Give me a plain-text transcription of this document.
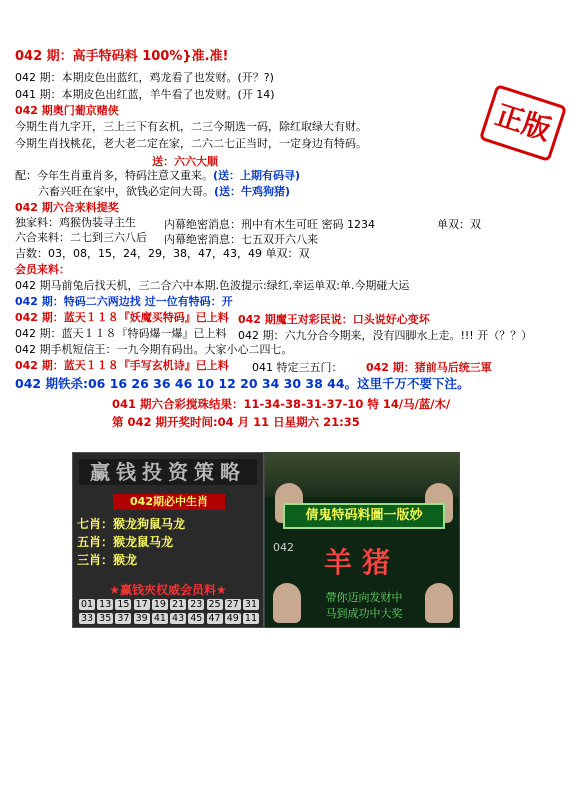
正版
042 期：高手特码料 100%}准.准!
042 期：本期皮色出蓝红，鸡龙看了也发财。(开？?)
041 期：本期皮色出红蓝，羊牛看了也发财。(开 14)
042 期奥门葡京赌侠
今期生肖九字开，三上三下有玄机，二三今期选一码，除红取绿大有财。
今期生肖找桃花，老大老二定在家，二六二七正当时，一定身边有特码。
送：六六大顺
配：今年生肖重肖多，特码注意又重来。(送：上期有码寻)
六畜兴旺在家中，欲钱必定问大哥。(送：牛鸡狗猪)
042 期六合来料提奖
独家料：鸡猴伪装寻主生	内幕绝密消息：刑中有木生可旺 密码 1234	单双：双
六合来料：二七到三六八后 内幕绝密消息：七五双开六八来
吉数：03，08，15，24，29，38，47，43，49 单双：双
会员来料：
042 期马前兔后找天机，三二合六中本期.色波提示:绿红,幸运单双:单.今期碰大运
042 期：特码二六两边找 过一位有特码：开
042 期：蓝天１１８『妖魔买特码』已上料 042 期魔王对彩民说：口头说好心变坏
042 期：蓝天１１８『特码爆一爆』已上料 042 期：六九分合今期来，没有四脚水上走。!!! 开（？？）
042 期手机短信王：一九今期有码出。大家小心二四七。
042 期：蓝天１１８『手写玄机诗』已上料 041 特定三五门： 042 期：猪前马后统三軍
042 期铁杀:06 16 26 36 46 10 12 20 34 30 38 44。这里千万不要下注。
041 期六合彩搅珠结果：11-34-38-31-37-10 特 14/马/蓝/木/
第 042 期开奖时间:04 月 11 日星期六 21:35
赢钱投资策略
042期必中生肖
七肖：猴龙狗鼠马龙
五肖：猴龙鼠马龙
三肖：猴龙
★赢钱夾权威会员料★
01 13 15 17 19 21 23 25 27 31
33 35 37 39 41 43 45 47 49 11
倩鬼特码料圖一版妙
042 羊猪
帶你迈向发财中
马到成功中大奖
